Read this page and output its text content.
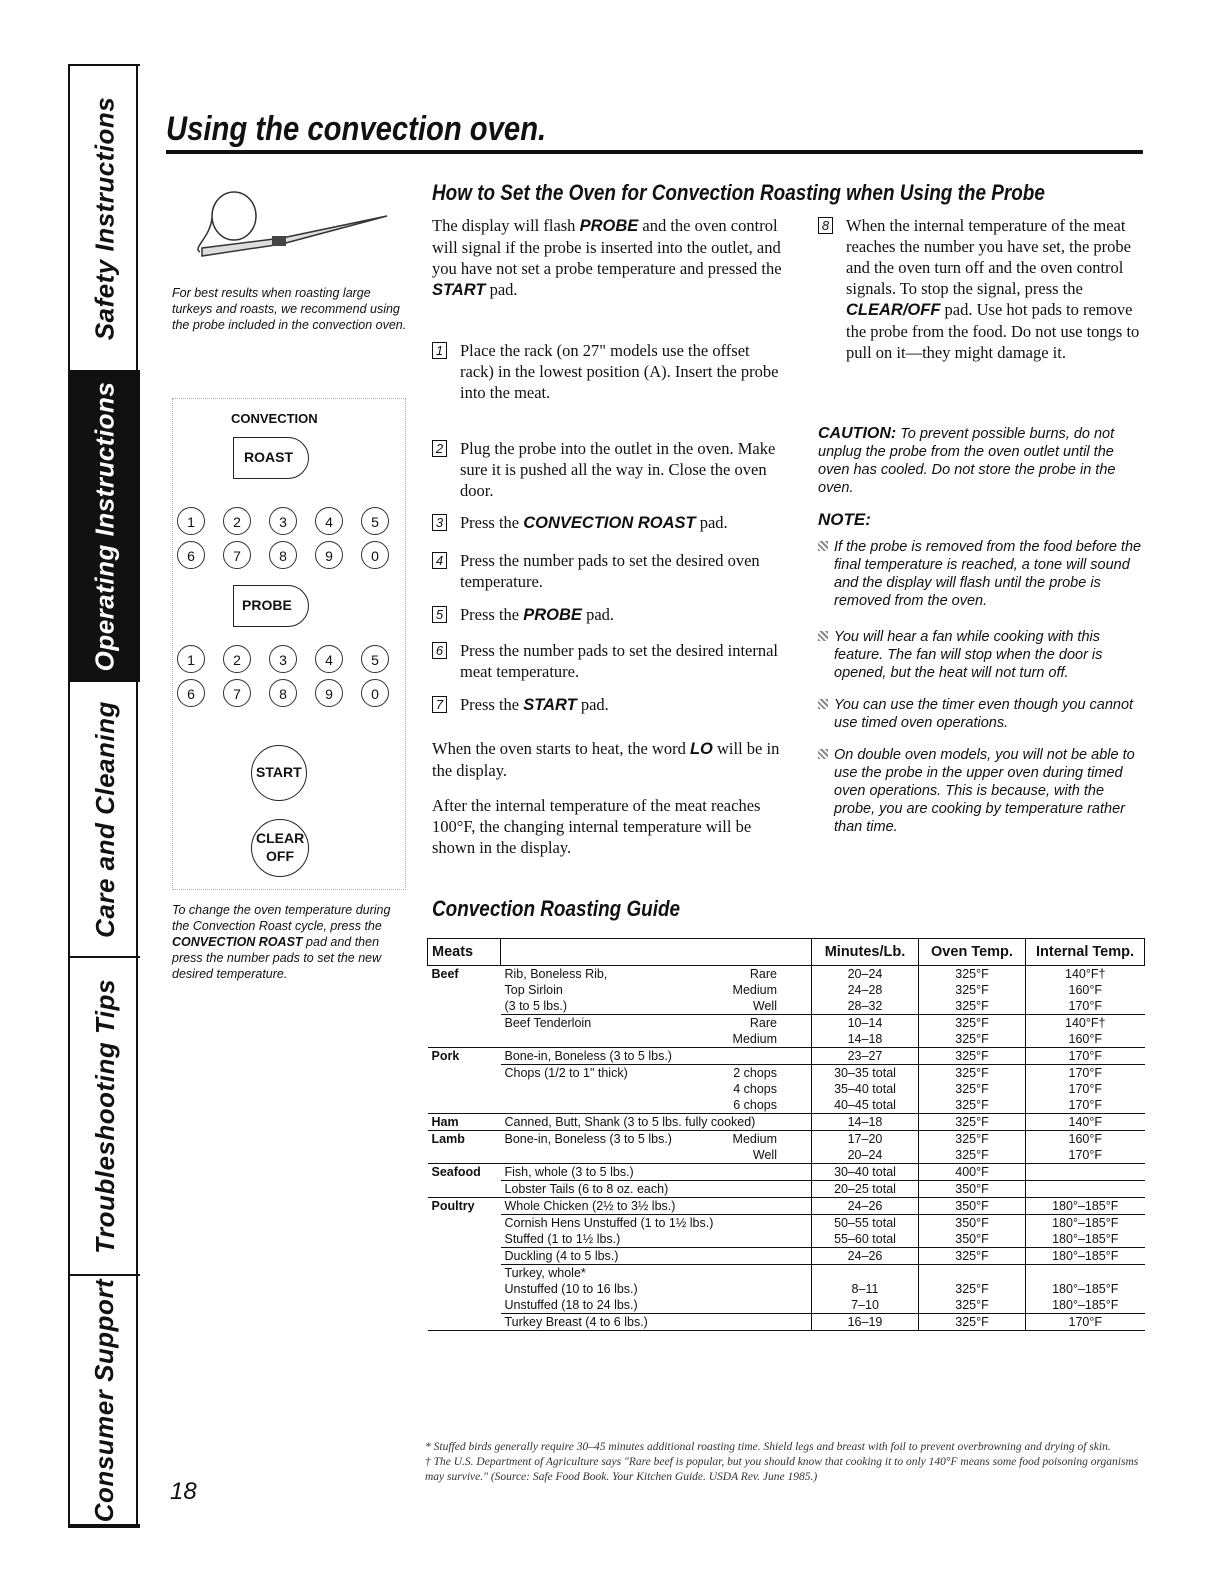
Safety Instructions
Operating Instructions
Care and Cleaning
Troubleshooting Tips
Consumer Support
Using the convection oven.
For best results when roasting large turkeys and roasts, we recommend using the probe included in the convection oven.
CONVECTION
ROAST
1	2	3	4	5
6	7	8	9	0
PROBE
1	2	3	4	5
6	7	8	9	0
START
CLEAR
OFF
To change the oven temperature during the Convection Roast cycle, press the CONVECTION ROAST pad and then press the number pads to set the new desired temperature.
How to Set the Oven for Convection Roasting when Using the Probe
The display will flash PROBE and the oven control will signal if the probe is inserted into the outlet, and you have not set a probe temperature and pressed the START pad.
1 Place the rack (on 27" models use the offset rack) in the lowest position (A). Insert the probe into the meat.
2 Plug the probe into the outlet in the oven. Make sure it is pushed all the way in. Close the oven door.
3 Press the CONVECTION ROAST pad.
4 Press the number pads to set the desired oven temperature.
5 Press the PROBE pad.
6 Press the number pads to set the desired internal meat temperature.
7 Press the START pad.
When the oven starts to heat, the word LO will be in the display.
After the internal temperature of the meat reaches 100°F, the changing internal temperature will be shown in the display.
8 When the internal temperature of the meat reaches the number you have set, the probe and the oven turn off and the oven control signals. To stop the signal, press the CLEAR/OFF pad. Use hot pads to remove the probe from the food. Do not use tongs to pull on it—they might damage it.
CAUTION: To prevent possible burns, do not unplug the probe from the oven outlet until the oven has cooled. Do not store the probe in the oven.
NOTE:
If the probe is removed from the food before the final temperature is reached, a tone will sound and the display will flash until the probe is removed from the oven.
You will hear a fan while cooking with this feature. The fan will stop when the door is opened, but the heat will not turn off.
You can use the timer even though you cannot use timed oven operations.
On double oven models, you will not be able to use the probe in the upper oven during timed oven operations. This is because, with the probe, you are cooking by temperature rather than time.
Convection Roasting Guide
Meats		Minutes/Lb.	Oven Temp.	Internal Temp.
Beef	Rib, Boneless Rib, Rare	20–24	325°F	140°F†

	Top Sirloin Medium	24–28	325°F	160°F

	(3 to 5 lbs.) Well	28–32	325°F	170°F

	Beef Tenderloin Rare	10–14	325°F	140°F†

	Medium	14–18	325°F	160°F
Pork	Bone-in, Boneless (3 to 5 lbs.)	23–27	325°F	170°F

	Chops (1/2 to 1" thick) 2 chops	30–35 total	325°F	170°F

	4 chops	35–40 total	325°F	170°F

	6 chops	40–45 total	325°F	170°F
Ham	Canned, Butt, Shank (3 to 5 lbs. fully cooked)	14–18	325°F	140°F
Lamb	Bone-in, Boneless (3 to 5 lbs.) Medium	17–20	325°F	160°F

	Well	20–24	325°F	170°F
Seafood	Fish, whole (3 to 5 lbs.)	30–40 total	400°F	

	Lobster Tails (6 to 8 oz. each)	20–25 total	350°F	
Poultry	Whole Chicken (2½ to 3½ lbs.)	24–26	350°F	180°–185°F

	Cornish Hens Unstuffed (1 to 1½ lbs.)	50–55 total	350°F	180°–185°F

	Stuffed (1 to 1½ lbs.)	55–60 total	350°F	180°–185°F

	Duckling (4 to 5 lbs.)	24–26	325°F	180°–185°F

	Turkey, whole*			

	Unstuffed (10 to 16 lbs.)	8–11	325°F	180°–185°F

	Unstuffed (18 to 24 lbs.)	7–10	325°F	180°–185°F

	Turkey Breast (4 to 6 lbs.)	16–19	325°F	170°F
* Stuffed birds generally require 30–45 minutes additional roasting time. Shield legs and breast with foil to prevent overbrowning and drying of skin.
† The U.S. Department of Agriculture says "Rare beef is popular, but you should know that cooking it to only 140°F means some food poisoning organisms may survive." (Source: Safe Food Book. Your Kitchen Guide. USDA Rev. June 1985.)
18
